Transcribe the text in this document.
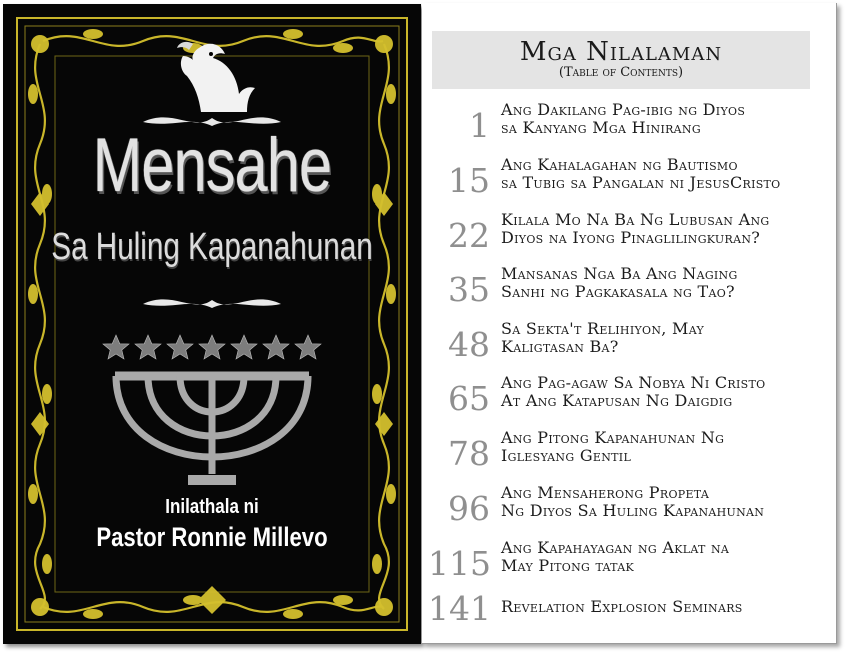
Mensahe
Sa Huling Kapanahunan
Inilathala ni
Pastor Ronnie Millevo
Mga Nilalaman
(Table of Contents)
1 Ang Dakilang Pag-ibig ng Diyos
sa Kanyang Mga Hinirang
15 Ang Kahalagahan ng Bautismo
sa Tubig sa Pangalan ni JesusCristo
22 Kilala Mo Na Ba Ng Lubusan Ang
Diyos na Iyong Pinaglilingkuran?
35 Mansanas Nga Ba Ang Naging
Sanhi ng Pagkakasala ng Tao?
48 Sa Sekta't Relihiyon, May
Kaligtasan Ba?
65 Ang Pag-agaw Sa Nobya Ni Cristo
At Ang Katapusan Ng Daigdig
78 Ang Pitong Kapanahunan Ng
Iglesyang Gentil
96 Ang Mensaherong Propeta
Ng Diyos Sa Huling Kapanahunan
115 Ang Kapahayagan ng Aklat na
May Pitong tatak
141 Revelation Explosion Seminars
